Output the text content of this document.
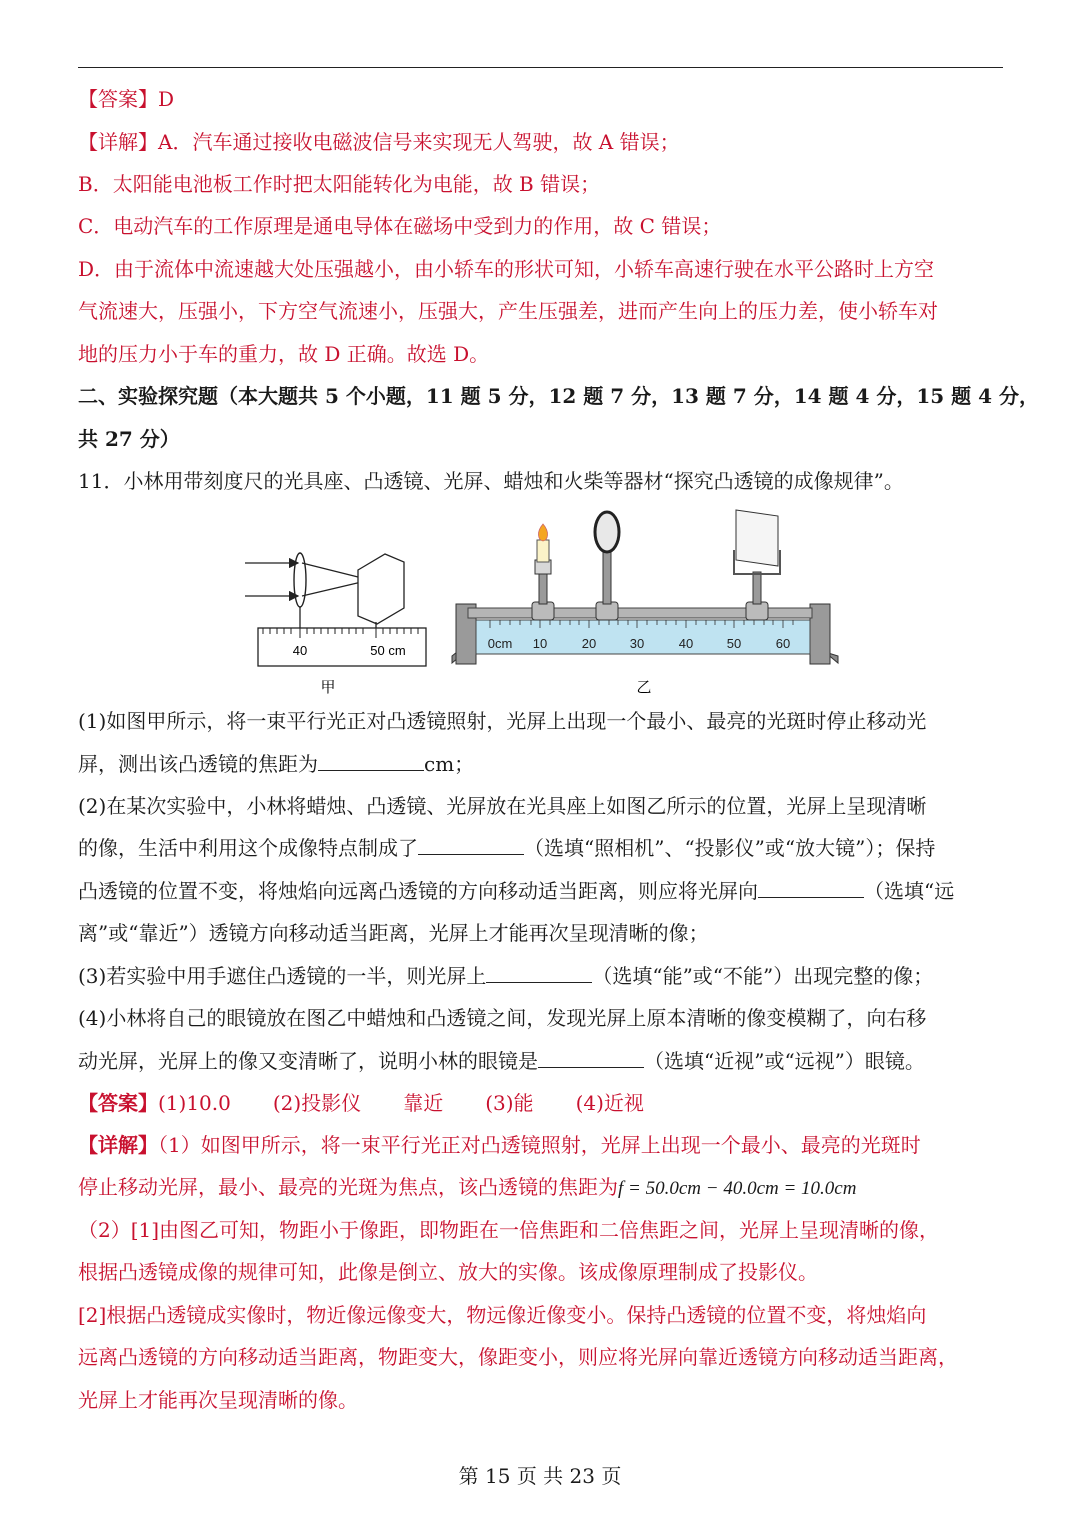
【答案】D
【详解】A．汽车通过接收电磁波信号来实现无人驾驶，故 A 错误；
B．太阳能电池板工作时把太阳能转化为电能，故 B 错误；
C．电动汽车的工作原理是通电导体在磁场中受到力的作用，故 C 错误；
D．由于流体中流速越大处压强越小，由小轿车的形状可知，小轿车高速行驶在水平公路时上方空
气流速大，压强小，下方空气流速小，压强大，产生压强差，进而产生向上的压力差，使小轿车对
地的压力小于车的重力，故 D 正确。故选 D。
二、实验探究题（本大题共 5 个小题，11 题 5 分，12 题 7 分，13 题 7 分，14 题 4 分，15 题 4 分，
共 27 分）
11．小林用带刻度尺的光具座、凸透镜、光屏、蜡烛和火柴等器材“探究凸透镜的成像规律”。
40	50 cm
甲
0cm 10	20	30	40	50	60
乙
(1)如图甲所示，将一束平行光正对凸透镜照射，光屏上出现一个最小、最亮的光斑时停止移动光
屏，测出该凸透镜的焦距为	cm；
(2)在某次实验中，小林将蜡烛、凸透镜、光屏放在光具座上如图乙所示的位置，光屏上呈现清晰
的像，生活中利用这个成像特点制成了	（选填“照相机”、“投影仪”或“放大镜”）；保持
凸透镜的位置不变，将烛焰向远离凸透镜的方向移动适当距离，则应将光屏向	（选填“远
离”或“靠近”）透镜方向移动适当距离，光屏上才能再次呈现清晰的像；
(3)若实验中用手遮住凸透镜的一半，则光屏上	（选填“能”或“不能”）出现完整的像；
(4)小林将自己的眼镜放在图乙中蜡烛和凸透镜之间，发现光屏上原本清晰的像变模糊了，向右移
动光屏，光屏上的像又变清晰了，说明小林的眼镜是	（选填“近视”或“远视”）眼镜。
【答案】(1)10.0 (2)投影仪 靠近 (3)能 (4)近视
【详解】（1）如图甲所示，将一束平行光正对凸透镜照射，光屏上出现一个最小、最亮的光斑时
停止移动光屏，最小、最亮的光斑为焦点，该凸透镜的焦距为f = 50.0cm − 40.0cm = 10.0cm
（2）[1]由图乙可知，物距小于像距，即物距在一倍焦距和二倍焦距之间，光屏上呈现清晰的像，
根据凸透镜成像的规律可知，此像是倒立、放大的实像。该成像原理制成了投影仪。
[2]根据凸透镜成实像时，物近像远像变大，物远像近像变小。保持凸透镜的位置不变，将烛焰向
远离凸透镜的方向移动适当距离，物距变大，像距变小，则应将光屏向靠近透镜方向移动适当距离，
光屏上才能再次呈现清晰的像。
第 15 页 共 23 页
